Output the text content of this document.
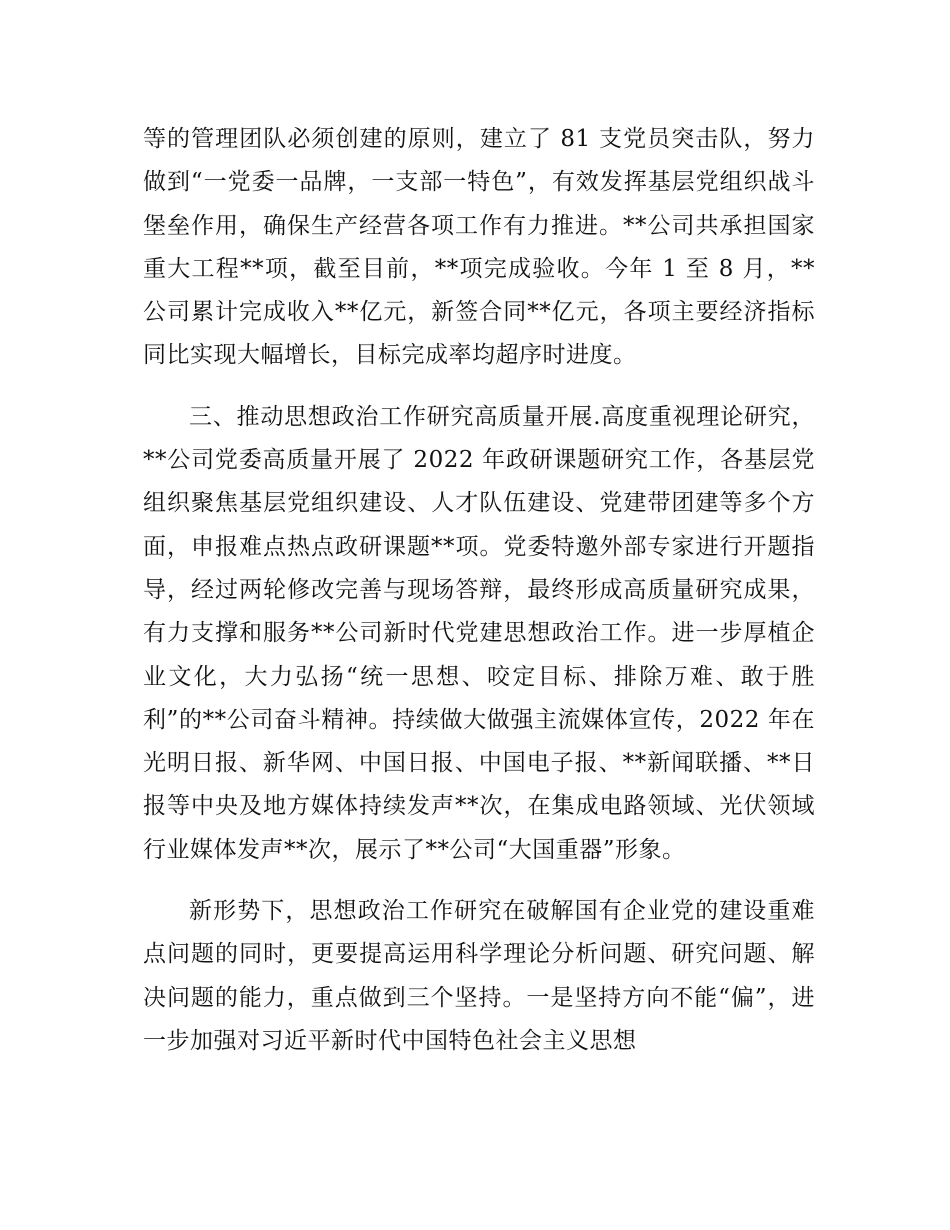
等的管理团队必须创建的原则，建立了 81 支党员突击队，努力做到“一党委一品牌，一支部一特色”，有效发挥基层党组织战斗堡垒作用，确保生产经营各项工作有力推进。**公司共承担国家重大工程**项，截至目前，**项完成验收。今年 1 至 8 月，**公司累计完成收入**亿元，新签合同**亿元，各项主要经济指标同比实现大幅增长，目标完成率均超序时进度。

三、推动思想政治工作研究高质量开展.高度重视理论研究，**公司党委高质量开展了 2022 年政研课题研究工作，各基层党组织聚焦基层党组织建设、人才队伍建设、党建带团建等多个方面，申报难点热点政研课题**项。党委特邀外部专家进行开题指导，经过两轮修改完善与现场答辩，最终形成高质量研究成果，有力支撑和服务**公司新时代党建思想政治工作。进一步厚植企业文化，大力弘扬“统一思想、咬定目标、排除万难、敢于胜利”的**公司奋斗精神。持续做大做强主流媒体宣传，2022 年在光明日报、新华网、中国日报、中国电子报、**新闻联播、**日报等中央及地方媒体持续发声**次，在集成电路领域、光伏领域行业媒体发声**次，展示了**公司“大国重器”形象。

新形势下，思想政治工作研究在破解国有企业党的建设重难点问题的同时，更要提高运用科学理论分析问题、研究问题、解决问题的能力，重点做到三个坚持。一是坚持方向不能“偏”，进一步加强对习近平新时代中国特色社会主义思想
